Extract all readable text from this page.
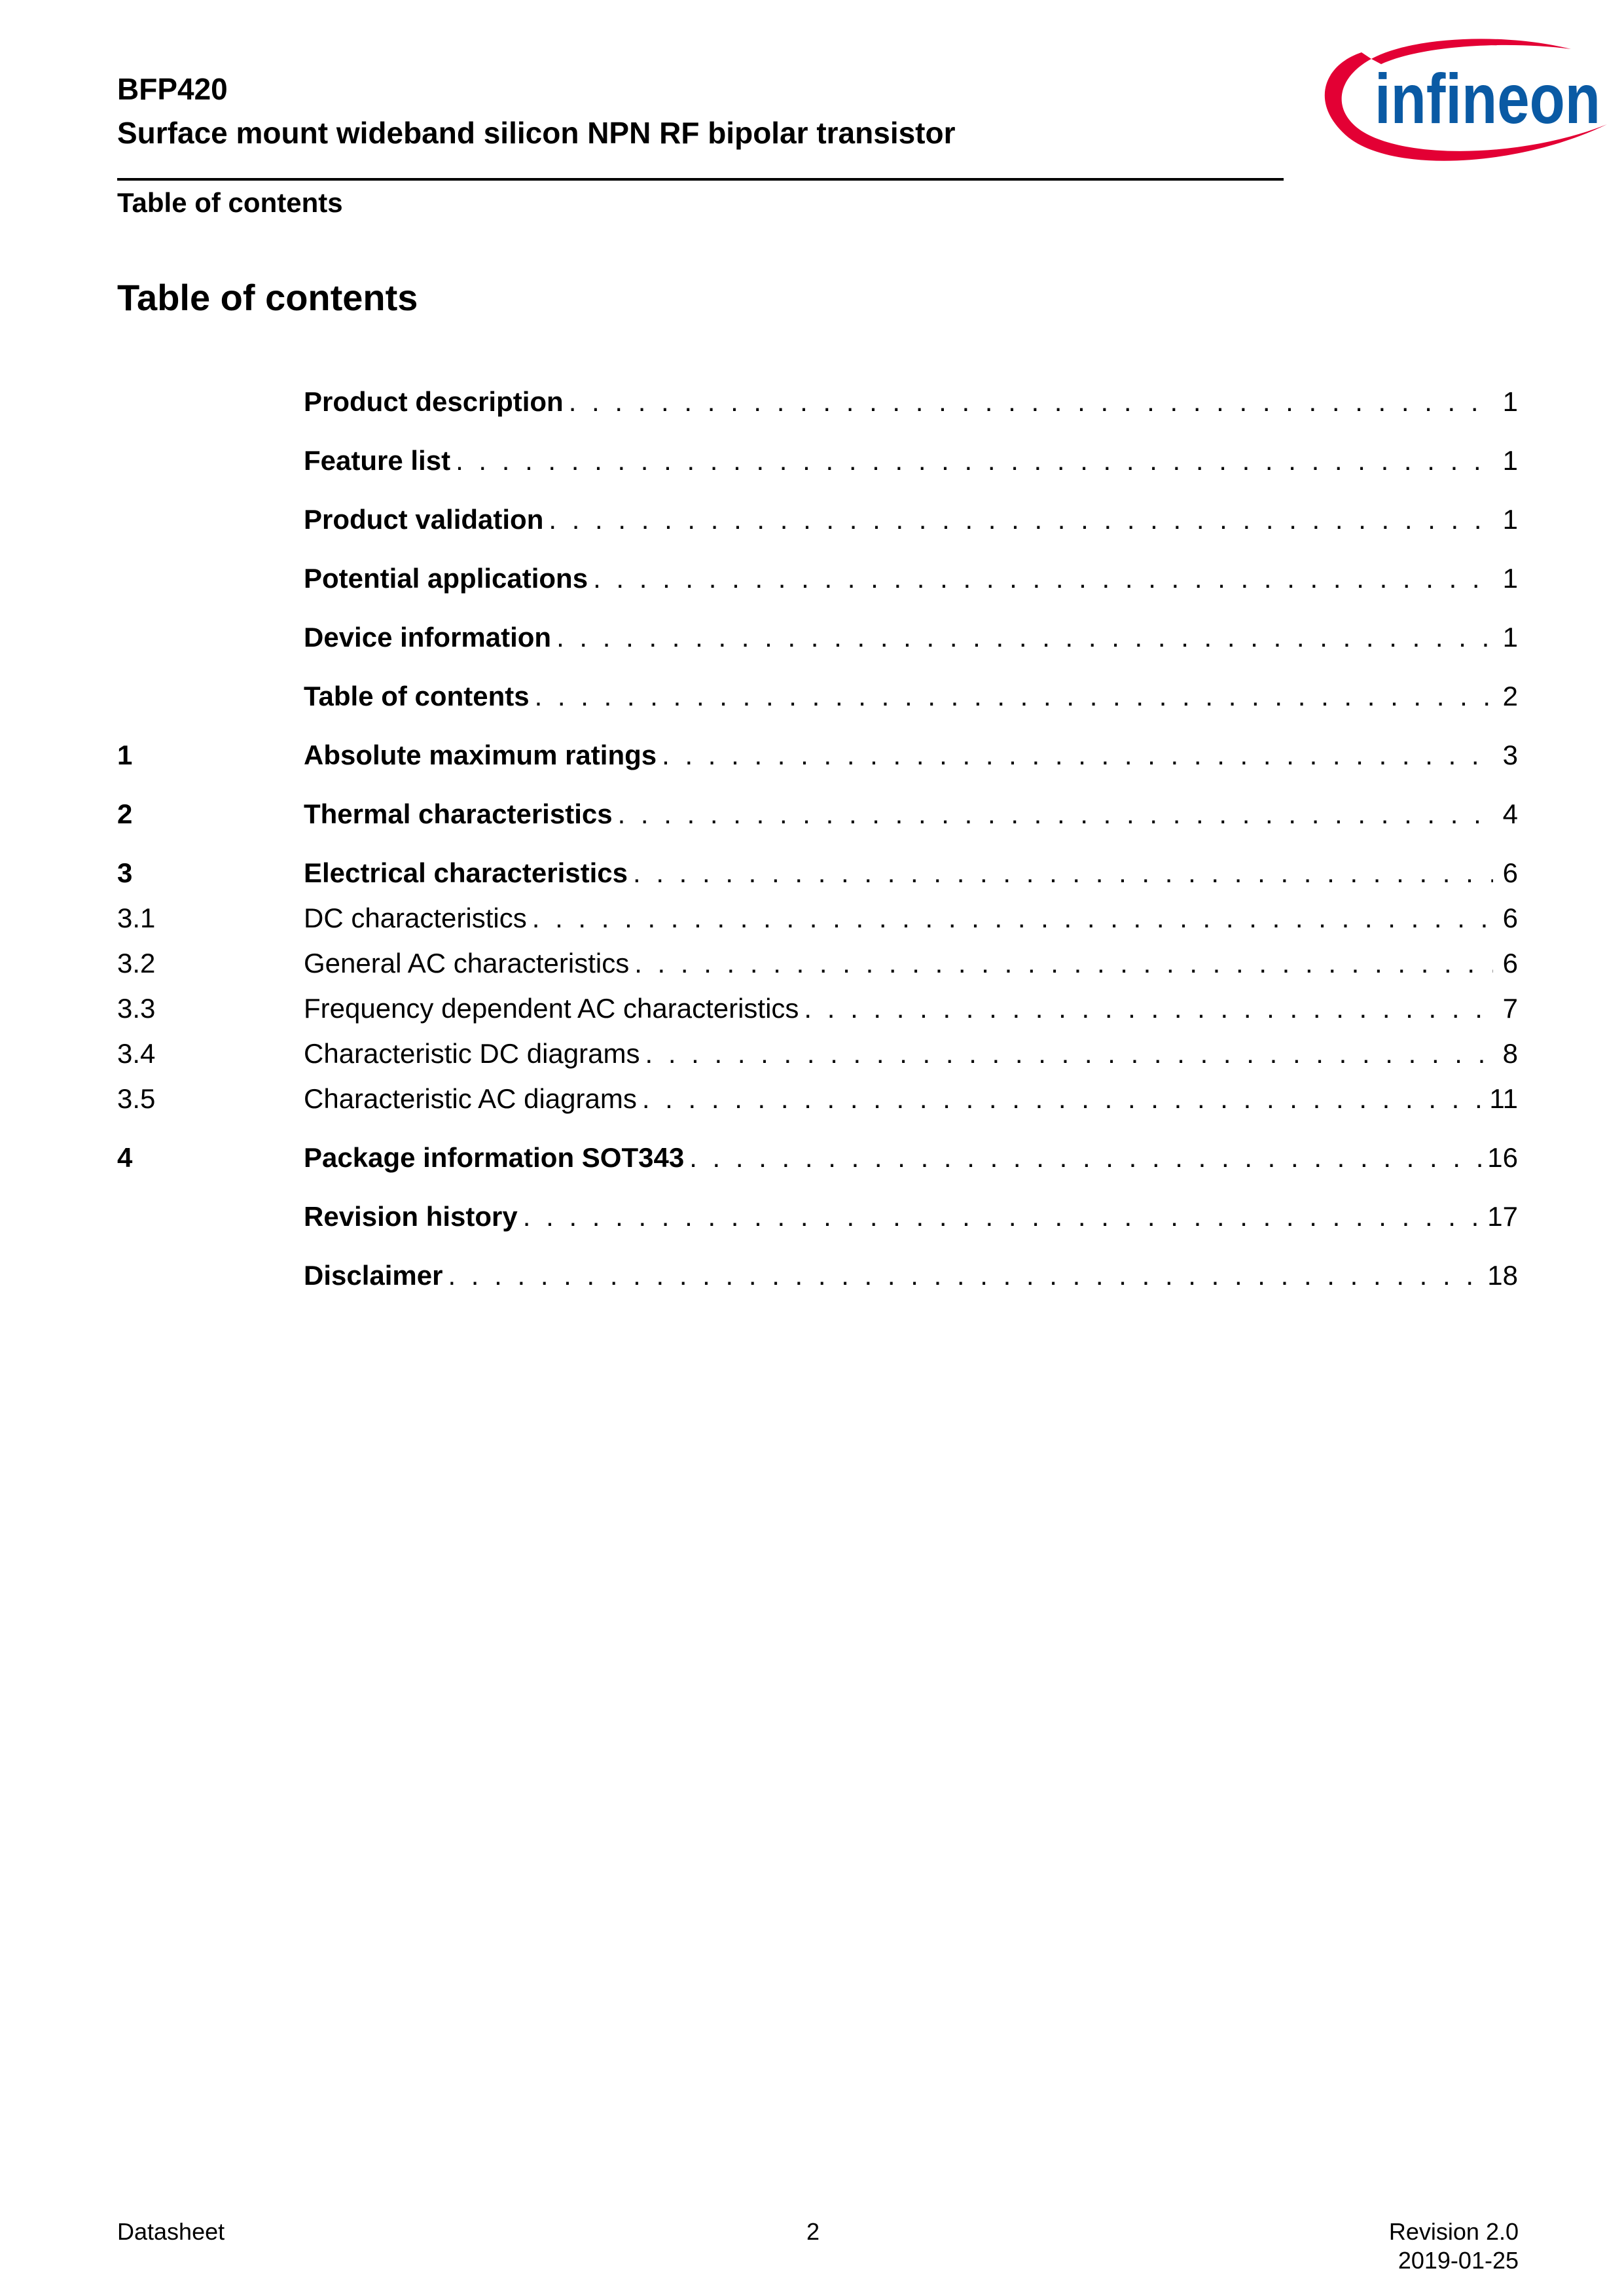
BFP420
Surface mount wideband silicon NPN RF bipolar transistor
Table of contents
infineon
Table of contents
Product description . . .	1
Feature list . . .	1
Product validation . . .	1
Potential applications . . .	1
Device information . . .	1
Table of contents . . .	2
1	Absolute maximum ratings . . .	3
2	Thermal characteristics . . .	4
3	Electrical characteristics . . .	6
3.1	DC characteristics . . .	6
3.2	General AC characteristics . . .	6
3.3	Frequency dependent AC characteristics . . .	7
3.4	Characteristic DC diagrams . . .	8
3.5	Characteristic AC diagrams . . .	11
4	Package information SOT343 . . .	16
Revision history . . .	17
Disclaimer . . .	18
Datasheet	2	Revision 2.0
2019-01-25
